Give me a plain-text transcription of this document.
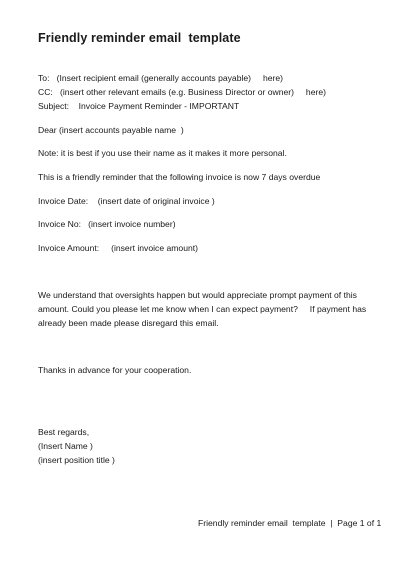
Friendly reminder email  template
To:   (Insert recipient email (generally accounts payable)     here)
CC:   (insert other relevant emails (e.g. Business Director or owner)     here)
Subject:    Invoice Payment Reminder - IMPORTANT
Dear (insert accounts payable name  )
Note: it is best if you use their name as it makes it more personal.
This is a friendly reminder that the following invoice is now 7 days overdue
Invoice Date:    (insert date of original invoice )
Invoice No:   (insert invoice number)
Invoice Amount:     (insert invoice amount)
We understand that oversights happen but would appreciate prompt payment of this
amount. Could you please let me know when I can expect payment?     If payment has
already been made please disregard this email.
Thanks in advance for your cooperation.
Best regards,
(Insert Name )
(insert position title )
Friendly reminder email  template  |  Page 1 of 1
